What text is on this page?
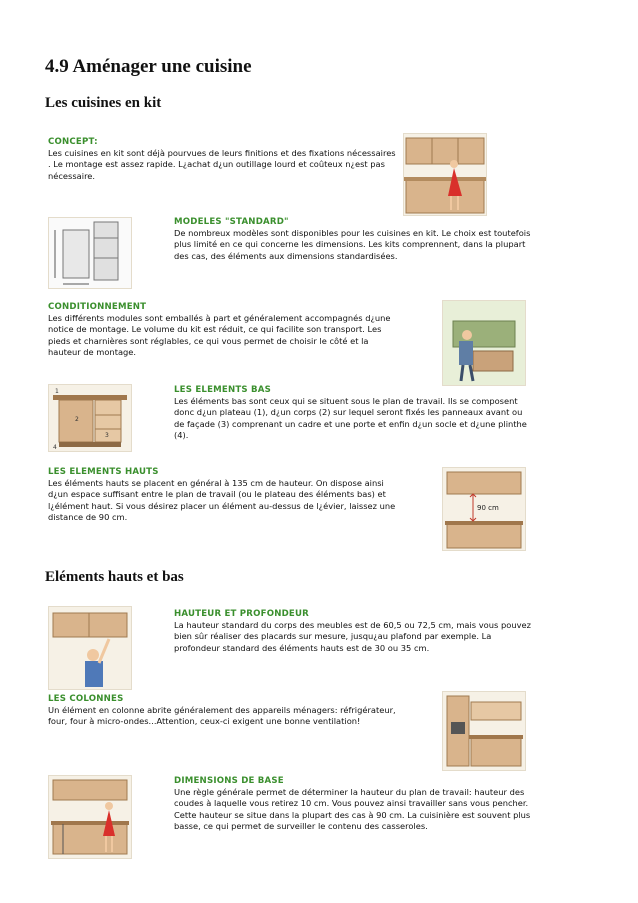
4.9 Aménager une cuisine
Les cuisines en kit
CONCEPT:
Les cuisines en kit sont déjà pourvues de leurs finitions et des fixations nécessaires . Le montage est assez rapide. L¿achat d¿un outillage lourd et coûteux n¿est pas nécessaire.
MODELES "STANDARD"
De nombreux modèles sont disponibles pour les cuisines en kit. Le choix est toutefois plus limité en ce qui concerne les dimensions. Les kits comprennent, dans la plupart des cas, des éléments aux dimensions standardisées.
CONDITIONNEMENT
Les différents modules sont emballés à part et généralement accompagnés d¿une notice de montage. Le volume du kit est réduit, ce qui facilite son transport. Les pieds et charnières sont réglables, ce qui vous permet de choisir le côté et la hauteur de montage.
1
2
3
4
LES ELEMENTS BAS
Les éléments bas sont ceux qui se situent sous le plan de travail. Ils se composent donc d¿un plateau (1), d¿un corps (2) sur lequel seront fixés les panneaux avant ou de façade (3) comprenant un cadre et une porte et enfin d¿un socle et d¿une plinthe (4).
LES ELEMENTS HAUTS
Les éléments hauts se placent en général à 135 cm de hauteur. On dispose ainsi d¿un espace suffisant entre le plan de travail (ou le plateau des éléments bas) et l¿élément haut. Si vous désirez placer un élément au-dessus de l¿évier, laissez une distance de 90 cm.
90 cm
Eléments hauts et bas
HAUTEUR ET PROFONDEUR
La hauteur standard du corps des meubles est de 60,5 ou 72,5 cm, mais vous pouvez bien sûr réaliser des placards sur mesure, jusqu¿au plafond par exemple. La profondeur standard des éléments hauts est de 30 ou 35 cm.
LES COLONNES
Un élément en colonne abrite généralement des appareils ménagers: réfrigérateur, four, four à micro-ondes...Attention, ceux-ci exigent une bonne ventilation!
DIMENSIONS DE BASE
Une règle générale permet de déterminer la hauteur du plan de travail: hauteur des coudes à laquelle vous retirez 10 cm. Vous pouvez ainsi travailler sans vous pencher. Cette hauteur se situe dans la plupart des cas à 90 cm. La cuisinière est souvent plus basse, ce qui permet de surveiller le contenu des casseroles.
